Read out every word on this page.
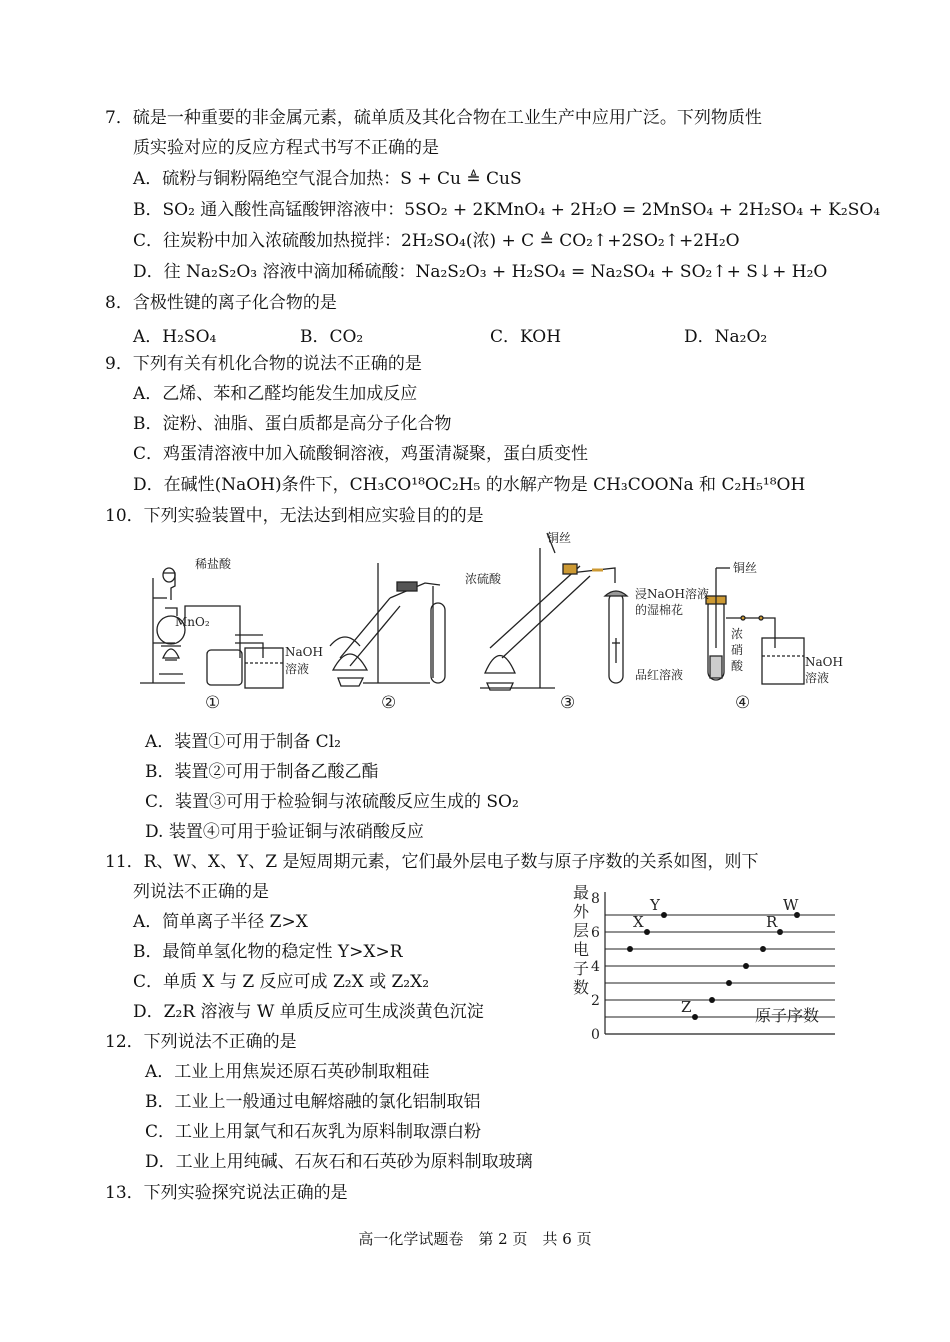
7．硫是一种重要的非金属元素，硫单质及其化合物在工业生产中应用广泛。下列物质性
质实验对应的反应方程式书写不正确的是
A．硫粉与铜粉隔绝空气混合加热：S + Cu ≜ CuS
B．SO₂ 通入酸性高锰酸钾溶液中：5SO₂ + 2KMnO₄ + 2H₂O = 2MnSO₄ + 2H₂SO₄ + K₂SO₄
C．往炭粉中加入浓硫酸加热搅拌：2H₂SO₄(浓) + C ≜ CO₂↑+2SO₂↑+2H₂O
D．往 Na₂S₂O₃ 溶液中滴加稀硫酸：Na₂S₂O₃ + H₂SO₄ = Na₂SO₄ + SO₂↑+ S↓+ H₂O
8．含极性键的离子化合物的是
A．H₂SO₄	B．CO₂	C．KOH	D．Na₂O₂
9．下列有关有机化合物的说法不正确的是
A．乙烯、苯和乙醛均能发生加成反应
B．淀粉、油脂、蛋白质都是高分子化合物
C．鸡蛋清溶液中加入硫酸铜溶液，鸡蛋清凝聚，蛋白质变性
D．在碱性(NaOH)条件下，CH₃CO¹⁸OC₂H₅ 的水解产物是 CH₃COONa 和 C₂H₅¹⁸OH
10．下列实验装置中，无法达到相应实验目的的是
稀盐酸
MnO₂
NaOH
溶液
浓硫酸
铜丝
浸NaOH溶液
的湿棉花
品红溶液
铜丝
浓
硝
酸	NaOH
溶液
①	②	③	④
A．装置①可用于制备 Cl₂
B．装置②可用于制备乙酸乙酯
C．装置③可用于检验铜与浓硫酸反应生成的 SO₂
D. 装置④可用于验证铜与浓硝酸反应
11．R、W、X、Y、Z 是短周期元素，它们最外层电子数与原子序数的关系如图，则下
列说法不正确的是
A．简单离子半径 Z>X
B．最简单氢化物的稳定性 Y>X>R
C．单质 X 与 Z 反应可成 Z₂X 或 Z₂X₂
D．Z₂R 溶液与 W 单质反应可生成淡黄色沉淀
最
外
层
电
子
数
0
2
4
6
8
Z
R
W
X
Y
原子序数
12．下列说法不正确的是
A．工业上用焦炭还原石英砂制取粗硅
B．工业上一般通过电解熔融的氯化铝制取铝
C．工业上用氯气和石灰乳为原料制取漂白粉
D．工业上用纯碱、石灰石和石英砂为原料制取玻璃
13．下列实验探究说法正确的是
高一化学试题卷　第 2 页　共 6 页
